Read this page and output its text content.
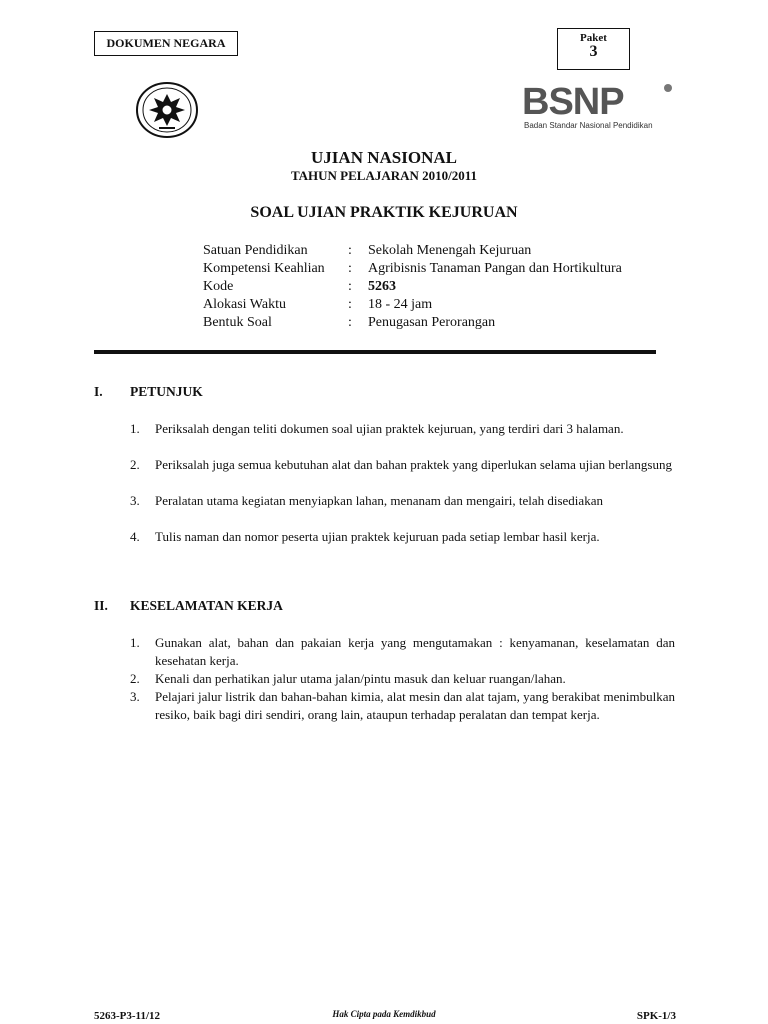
DOKUMEN NEGARA	Paket
3
BSNP
Badan Standar Nasional Pendidikan
UJIAN NASIONAL
TAHUN PELAJARAN 2010/2011
SOAL UJIAN PRAKTIK KEJURUAN
Satuan Pendidikan	: Sekolah Menengah Kejuruan
Kompetensi Keahlian : Agribisnis Tanaman Pangan dan Hortikultura
Kode	: 5263
Alokasi Waktu	: 18 - 24 jam
Bentuk Soal	: Penugasan Perorangan
I. PETUNJUK
1. Periksalah dengan teliti dokumen soal ujian praktek kejuruan, yang terdiri dari 3 halaman.
2. Periksalah juga semua kebutuhan alat dan bahan praktek yang diperlukan selama ujian berlangsung
3. Peralatan utama kegiatan menyiapkan lahan, menanam dan mengairi, telah disediakan
4. Tulis naman dan nomor peserta ujian praktek kejuruan pada setiap lembar hasil kerja.
II. KESELAMATAN KERJA
1. Gunakan alat, bahan dan pakaian kerja yang mengutamakan : kenyamanan, keselamatan dan kesehatan kerja.
2. Kenali dan perhatikan jalur utama jalan/pintu masuk dan keluar ruangan/lahan.
3. Pelajari jalur listrik dan bahan-bahan kimia, alat mesin dan alat tajam, yang berakibat menimbulkan resiko, baik bagi diri sendiri, orang lain, ataupun terhadap peralatan dan tempat kerja.
5263-P3-11/12	Hak Cipta pada Kemdikbud	SPK-1/3
